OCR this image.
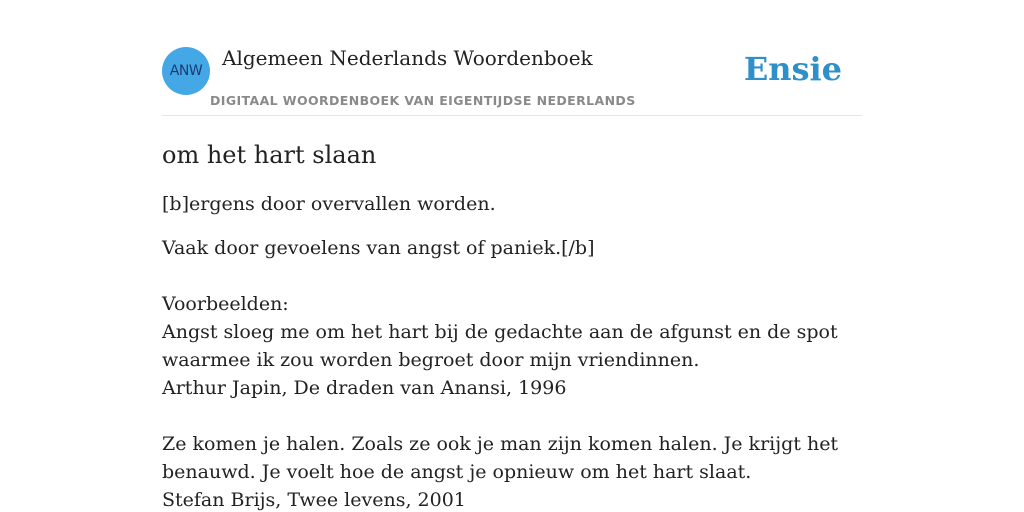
ANW
Algemeen Nederlands Woordenboek
DIGITAAL WOORDENBOEK VAN EIGENTIJDSE NEDERLANDS
Ensie
om het hart slaan

[b]ergens door overvallen worden.

Vaak door gevoelens van angst of paniek.[/b]

Voorbeelden:
Angst sloeg me om het hart bij de gedachte aan de afgunst en de spot waarmee ik zou worden begroet door mijn vriendinnen.
Arthur Japin, De draden van Anansi, 1996

Ze komen je halen. Zoals ze ook je man zijn komen halen. Je krijgt het benauwd. Je voelt hoe de angst je opnieuw om het hart slaat.
Stefan Brijs, Twee levens, 2001
